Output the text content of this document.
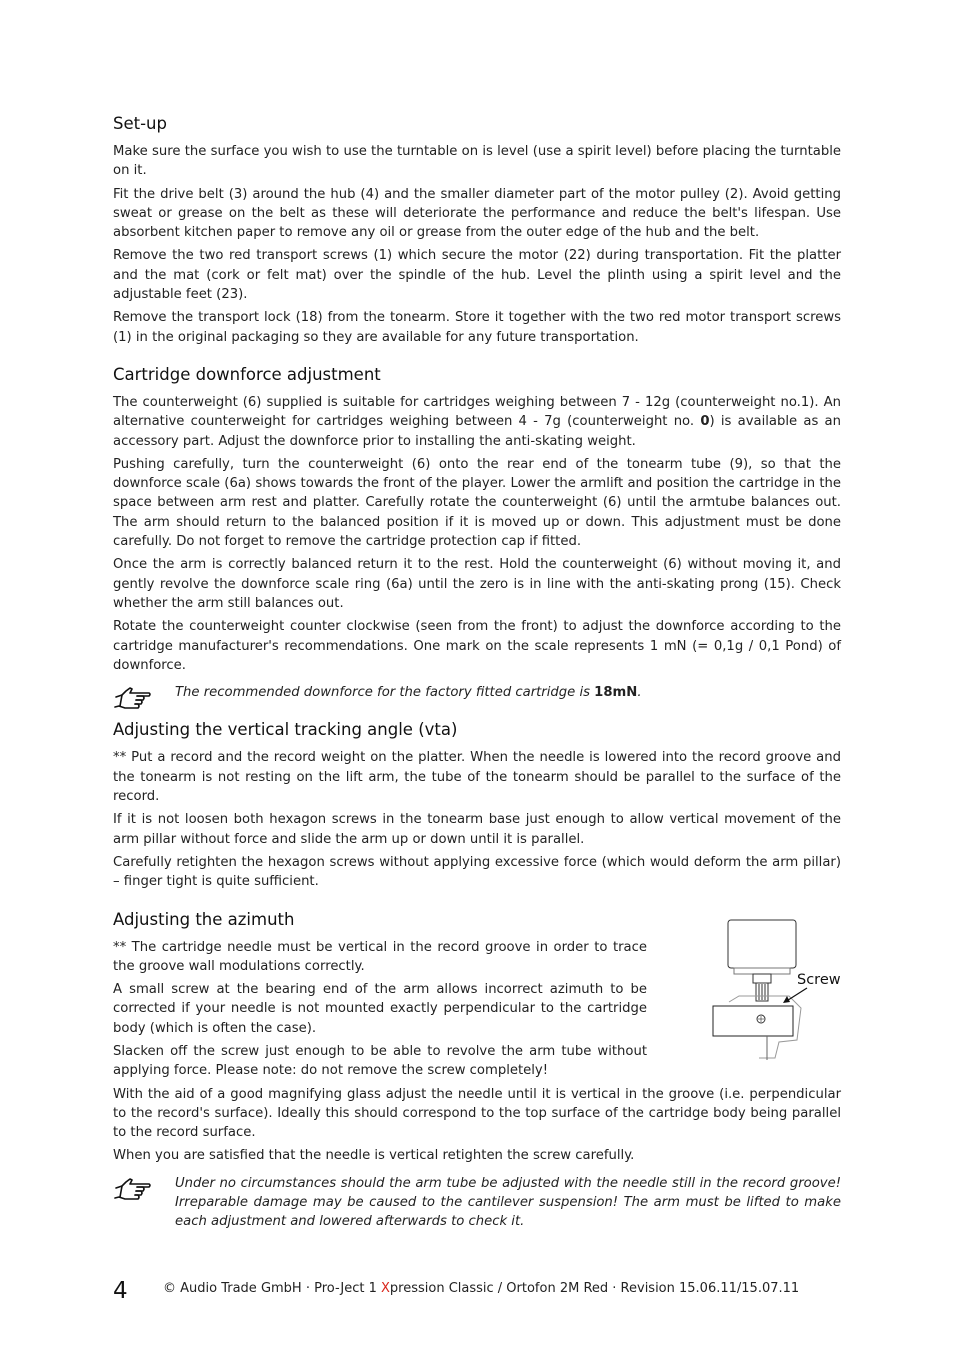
Set-up

Make sure the surface you wish to use the turntable on is level (use a spirit level) before placing the turntable on it.

Fit the drive belt (3) around the hub (4) and the smaller diameter part of the motor pulley (2). Avoid getting sweat or grease on the belt as these will deteriorate the performance and reduce the belt's lifespan. Use absorbent kitchen paper to remove any oil or grease from the outer edge of the hub and the belt.

Remove the two red transport screws (1) which secure the motor (22) during transportation. Fit the platter and the mat (cork or felt mat) over the spindle of the hub. Level the plinth using a spirit level and the adjustable feet (23).

Remove the transport lock (18) from the tonearm. Store it together with the two red motor transport screws (1) in the original packaging so they are available for any future transportation.

Cartridge downforce adjustment

The counterweight (6) supplied is suitable for cartridges weighing between 7 - 12g (counterweight no.1). An alternative counterweight for cartridges weighing between 4 - 7g (counterweight no. 0) is available as an accessory part. Adjust the downforce prior to installing the anti-skating weight.

Pushing carefully, turn the counterweight (6) onto the rear end of the tonearm tube (9), so that the downforce scale (6a) shows towards the front of the player. Lower the armlift and position the cartridge in the space between arm rest and platter. Carefully rotate the counterweight (6) until the armtube balances out. The arm should return to the balanced position if it is moved up or down. This adjustment must be done carefully. Do not forget to remove the cartridge protection cap if fitted.

Once the arm is correctly balanced return it to the rest. Hold the counterweight (6) without moving it, and gently revolve the downforce scale ring (6a) until the zero is in line with the anti-skating prong (15). Check whether the arm still balances out.

Rotate the counterweight counter clockwise (seen from the front) to adjust the downforce according to the cartridge manufacturer's recommendations. One mark on the scale represents 1 mN (= 0,1g / 0,1 Pond) of downforce.

The recommended downforce for the factory fitted cartridge is 18mN.

Adjusting the vertical tracking angle (vta)

** Put a record and the record weight on the platter. When the needle is lowered into the record groove and the tonearm is not resting on the lift arm, the tube of the tonearm should be parallel to the surface of the record.

If it is not loosen both hexagon screws in the tonearm base just enough to allow vertical movement of the arm pillar without force and slide the arm up or down until it is parallel.

Carefully retighten the hexagon screws without applying excessive force (which would deform the arm pillar) – finger tight is quite sufficient.

Adjusting the azimuth

** The cartridge needle must be vertical in the record groove in order to trace the groove wall modulations correctly.

A small screw at the bearing end of the arm allows incorrect azimuth to be corrected if your needle is not mounted exactly perpendicular to the cartridge body (which is often the case).

Slacken off the screw just enough to be able to revolve the arm tube without applying force. Please note: do not remove the screw completely!

Screw

With the aid of a good magnifying glass adjust the needle until it is vertical in the groove (i.e. perpendicular to the record's surface). Ideally this should correspond to the top surface of the cartridge body being parallel to the record surface.

When you are satisfied that the needle is vertical retighten the screw carefully.

Under no circumstances should the arm tube be adjusted with the needle still in the record groove! Irreparable damage may be caused to the cantilever suspension! The arm must be lifted to make each adjustment and lowered afterwards to check it.

4	© Audio Trade GmbH · Pro-Ject 1 Xpression Classic / Ortofon 2M Red · Revision 15.06.11/15.07.11
